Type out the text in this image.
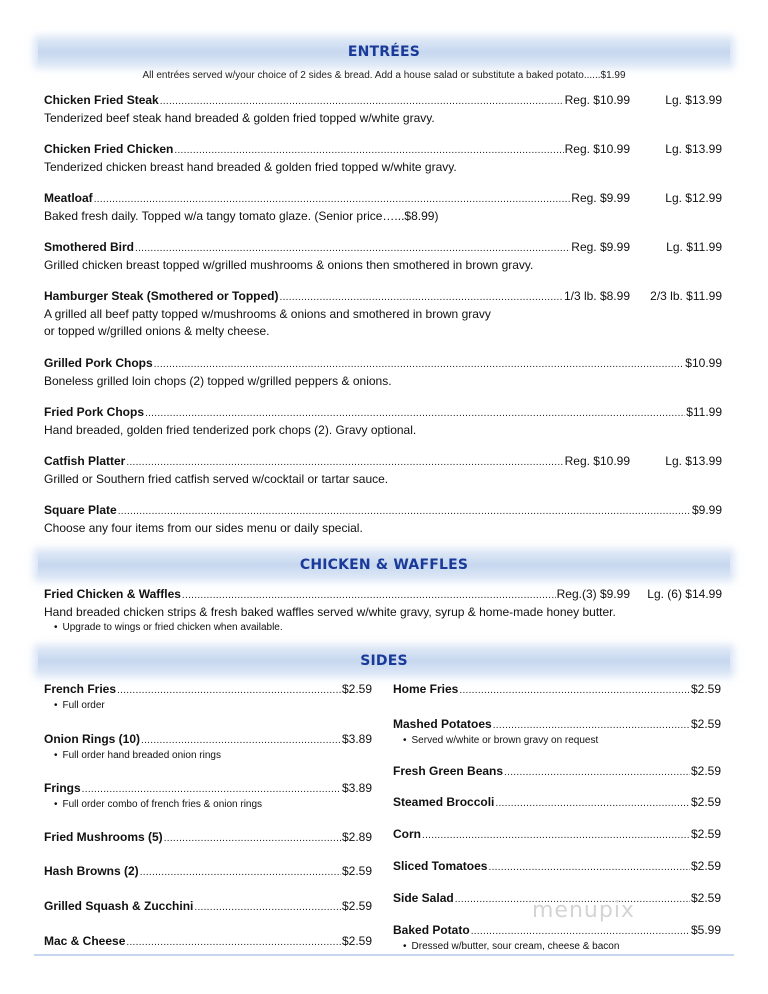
ENTRÉES
All entrées served w/your choice of 2 sides & bread. Add a house salad or substitute a baked potato......$1.99
Chicken Fried Steak .....	Reg. $10.99	Lg. $13.99
Tenderized beef steak hand breaded & golden fried topped w/white gravy.
Chicken Fried Chicken .....	Reg. $10.99	Lg. $13.99
Tenderized chicken breast hand breaded & golden fried topped w/white gravy.
Meatloaf .....	Reg. $9.99	Lg. $12.99
Baked fresh daily. Topped w/a tangy tomato glaze. (Senior price…...$8.99)
Smothered Bird .....	Reg. $9.99	Lg. $11.99
Grilled chicken breast topped w/grilled mushrooms & onions then smothered in brown gravy.
Hamburger Steak (Smothered or Topped) .....	1/3 lb. $8.99	2/3 lb. $11.99
A grilled all beef patty topped w/mushrooms & onions and smothered in brown gravy
or topped w/grilled onions & melty cheese.
Grilled Pork Chops .....	$10.99
Boneless grilled loin chops (2) topped w/grilled peppers & onions.
Fried Pork Chops .....	$11.99
Hand breaded, golden fried tenderized pork chops (2). Gravy optional.
Catfish Platter .....	Reg. $10.99	Lg. $13.99
Grilled or Southern fried catfish served w/cocktail or tartar sauce.
Square Plate .....	$9.99
Choose any four items from our sides menu or daily special.
CHICKEN & WAFFLES
Fried Chicken & Waffles .....	Reg.(3) $9.99	Lg. (6) $14.99
Hand breaded chicken strips & fresh baked waffles served w/white gravy, syrup & home-made honey butter.
• Upgrade to wings or fried chicken when available.
SIDES
French Fries .....	$2.59
• Full order
Onion Rings (10) .....	$3.89
• Full order hand breaded onion rings
Frings .....	$3.89
• Full order combo of french fries & onion rings
Fried Mushrooms (5) .....	$2.89
Hash Browns (2) .....	$2.59
Grilled Squash & Zucchini .....	$2.59
Mac & Cheese .....	$2.59
Home Fries .....	$2.59
Mashed Potatoes .....	$2.59
• Served w/white or brown gravy on request
Fresh Green Beans .....	$2.59
Steamed Broccoli .....	$2.59
Corn .....	$2.59
Sliced Tomatoes .....	$2.59
Side Salad .....	$2.59
Baked Potato .....	$5.99
• Dressed w/butter, sour cream, cheese & bacon
menupix
